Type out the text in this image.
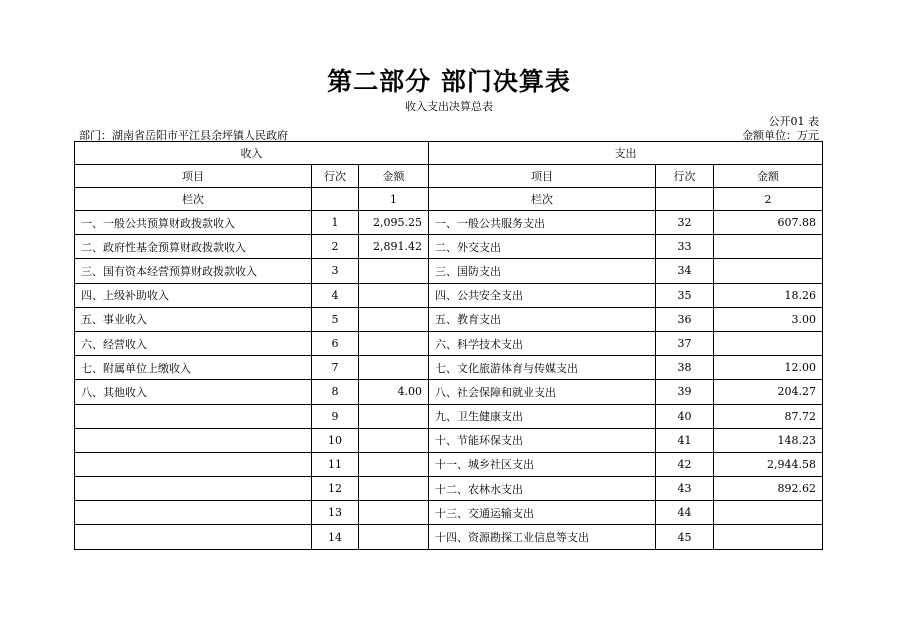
第二部分 部门决算表
收入支出决算总表
公开01 表
部门：湖南省岳阳市平江县余坪镇人民政府	金额单位：万元
收入			支出		
项目	行次	金额	项目	行次	金额
栏次		1	栏次		2
一、一般公共预算财政拨款收入	1	2,095.25	一、一般公共服务支出	32	607.88
二、政府性基金预算财政拨款收入	2	2,891.42	二、外交支出	33	
三、国有资本经营预算财政拨款收入	3		三、国防支出	34	
四、上级补助收入	4		四、公共安全支出	35	18.26
五、事业收入	5		五、教育支出	36	3.00
六、经营收入	6		六、科学技术支出	37	
七、附属单位上缴收入	7		七、文化旅游体育与传媒支出	38	12.00
八、其他收入	8	4.00	八、社会保障和就业支出	39	204.27
	9		九、卫生健康支出	40	87.72
	10		十、节能环保支出	41	148.23
	11		十一、城乡社区支出	42	2,944.58
	12		十二、农林水支出	43	892.62
	13		十三、交通运输支出	44	
	14		十四、资源勘探工业信息等支出	45	
